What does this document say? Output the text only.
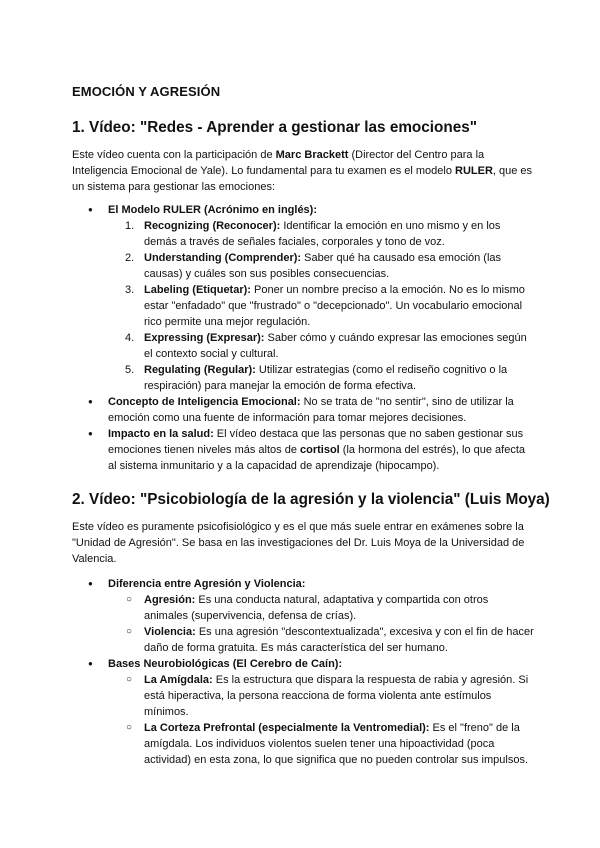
EMOCIÓN Y AGRESIÓN
1. Vídeo: "Redes - Aprender a gestionar las emociones"

Este vídeo cuenta con la participación de Marc Brackett (Director del Centro para la Inteligencia Emocional de Yale). Lo fundamental para tu examen es el modelo RULER, que es un sistema para gestionar las emociones:

● El Modelo RULER (Acrónimo en inglés):
1. Recognizing (Reconocer): Identificar la emoción en uno mismo y en los demás a través de señales faciales, corporales y tono de voz.
2. Understanding (Comprender): Saber qué ha causado esa emoción (las causas) y cuáles son sus posibles consecuencias.
3. Labeling (Etiquetar): Poner un nombre preciso a la emoción. No es lo mismo estar "enfadado" que "frustrado" o "decepcionado". Un vocabulario emocional rico permite una mejor regulación.
4. Expressing (Expresar): Saber cómo y cuándo expresar las emociones según el contexto social y cultural.
5. Regulating (Regular): Utilizar estrategias (como el rediseño cognitivo o la respiración) para manejar la emoción de forma efectiva.
● Concepto de Inteligencia Emocional: No se trata de "no sentir", sino de utilizar la emoción como una fuente de información para tomar mejores decisiones.
● Impacto en la salud: El vídeo destaca que las personas que no saben gestionar sus emociones tienen niveles más altos de cortisol (la hormona del estrés), lo que afecta al sistema inmunitario y a la capacidad de aprendizaje (hipocampo).
2. Vídeo: "Psicobiología de la agresión y la violencia" (Luis Moya)

Este vídeo es puramente psicofisiológico y es el que más suele entrar en exámenes sobre la "Unidad de Agresión". Se basa en las investigaciones del Dr. Luis Moya de la Universidad de Valencia.

● Diferencia entre Agresión y Violencia:
○ Agresión: Es una conducta natural, adaptativa y compartida con otros animales (supervivencia, defensa de crías).
○ Violencia: Es una agresión "descontextualizada", excesiva y con el fin de hacer daño de forma gratuita. Es más característica del ser humano.
● Bases Neurobiológicas (El Cerebro de Caín):
○ La Amígdala: Es la estructura que dispara la respuesta de rabia y agresión. Si está hiperactiva, la persona reacciona de forma violenta ante estímulos mínimos.
○ La Corteza Prefrontal (especialmente la Ventromedial): Es el "freno" de la amígdala. Los individuos violentos suelen tener una hipoactividad (poca actividad) en esta zona, lo que significa que no pueden controlar sus impulsos.
